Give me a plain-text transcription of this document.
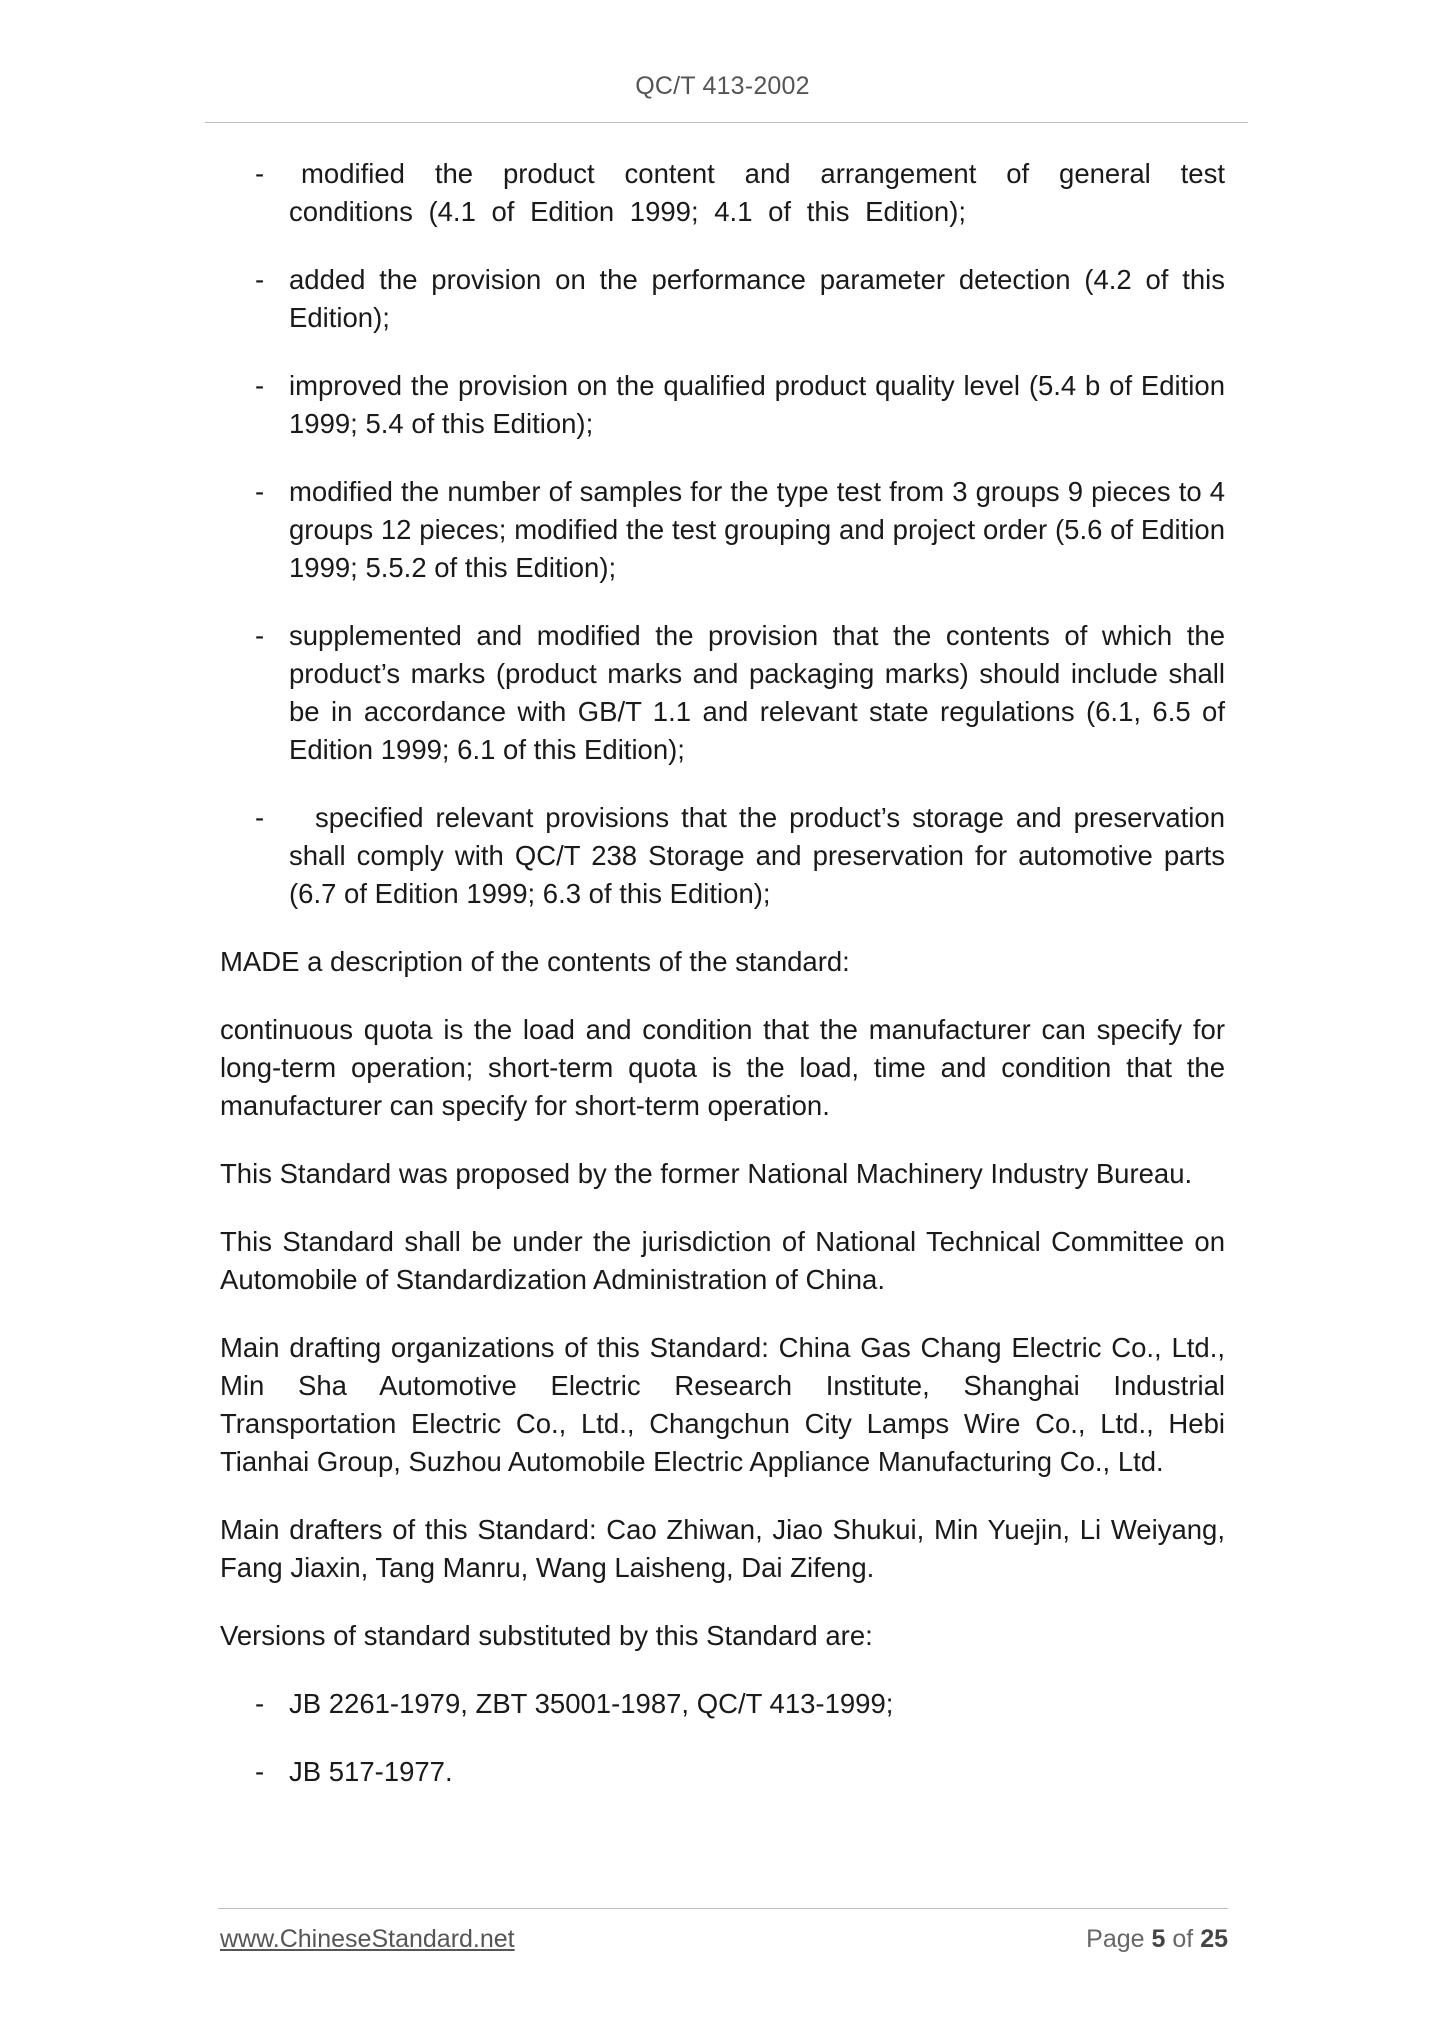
QC/T 413-2002
-	modified the product content and arrangement of general test conditions (4.1 of Edition 1999; 4.1 of this Edition);
- added the provision on the performance parameter detection (4.2 of this Edition);
- improved the provision on the qualified product quality level (5.4 b of Edition 1999; 5.4 of this Edition);
- modified the number of samples for the type test from 3 groups 9 pieces to 4 groups 12 pieces; modified the test grouping and project order (5.6 of Edition 1999; 5.5.2 of this Edition);
- supplemented and modified the provision that the contents of which the product’s marks (product marks and packaging marks) should include shall be in accordance with GB/T 1.1 and relevant state regulations (6.1, 6.5 of Edition 1999; 6.1 of this Edition);
-	specified relevant provisions that the product’s storage and preservation shall comply with QC/T 238 Storage and preservation for automotive parts (6.7 of Edition 1999; 6.3 of this Edition);

MADE a description of the contents of the standard:

continuous quota is the load and condition that the manufacturer can specify for long-term operation; short-term quota is the load, time and condition that the manufacturer can specify for short-term operation.

This Standard was proposed by the former National Machinery Industry Bureau.

This Standard shall be under the jurisdiction of National Technical Committee on Automobile of Standardization Administration of China.

Main drafting organizations of this Standard: China Gas Chang Electric Co., Ltd., Min Sha Automotive Electric Research Institute, Shanghai Industrial Transportation Electric Co., Ltd., Changchun City Lamps Wire Co., Ltd., Hebi Tianhai Group, Suzhou Automobile Electric Appliance Manufacturing Co., Ltd.

Main drafters of this Standard: Cao Zhiwan, Jiao Shukui, Min Yuejin, Li Weiyang, Fang Jiaxin, Tang Manru, Wang Laisheng, Dai Zifeng.

Versions of standard substituted by this Standard are:

- JB 2261-1979, ZBT 35001-1987, QC/T 413-1999;
- JB 517-1977.
www.ChineseStandard.net	Page 5 of 25
